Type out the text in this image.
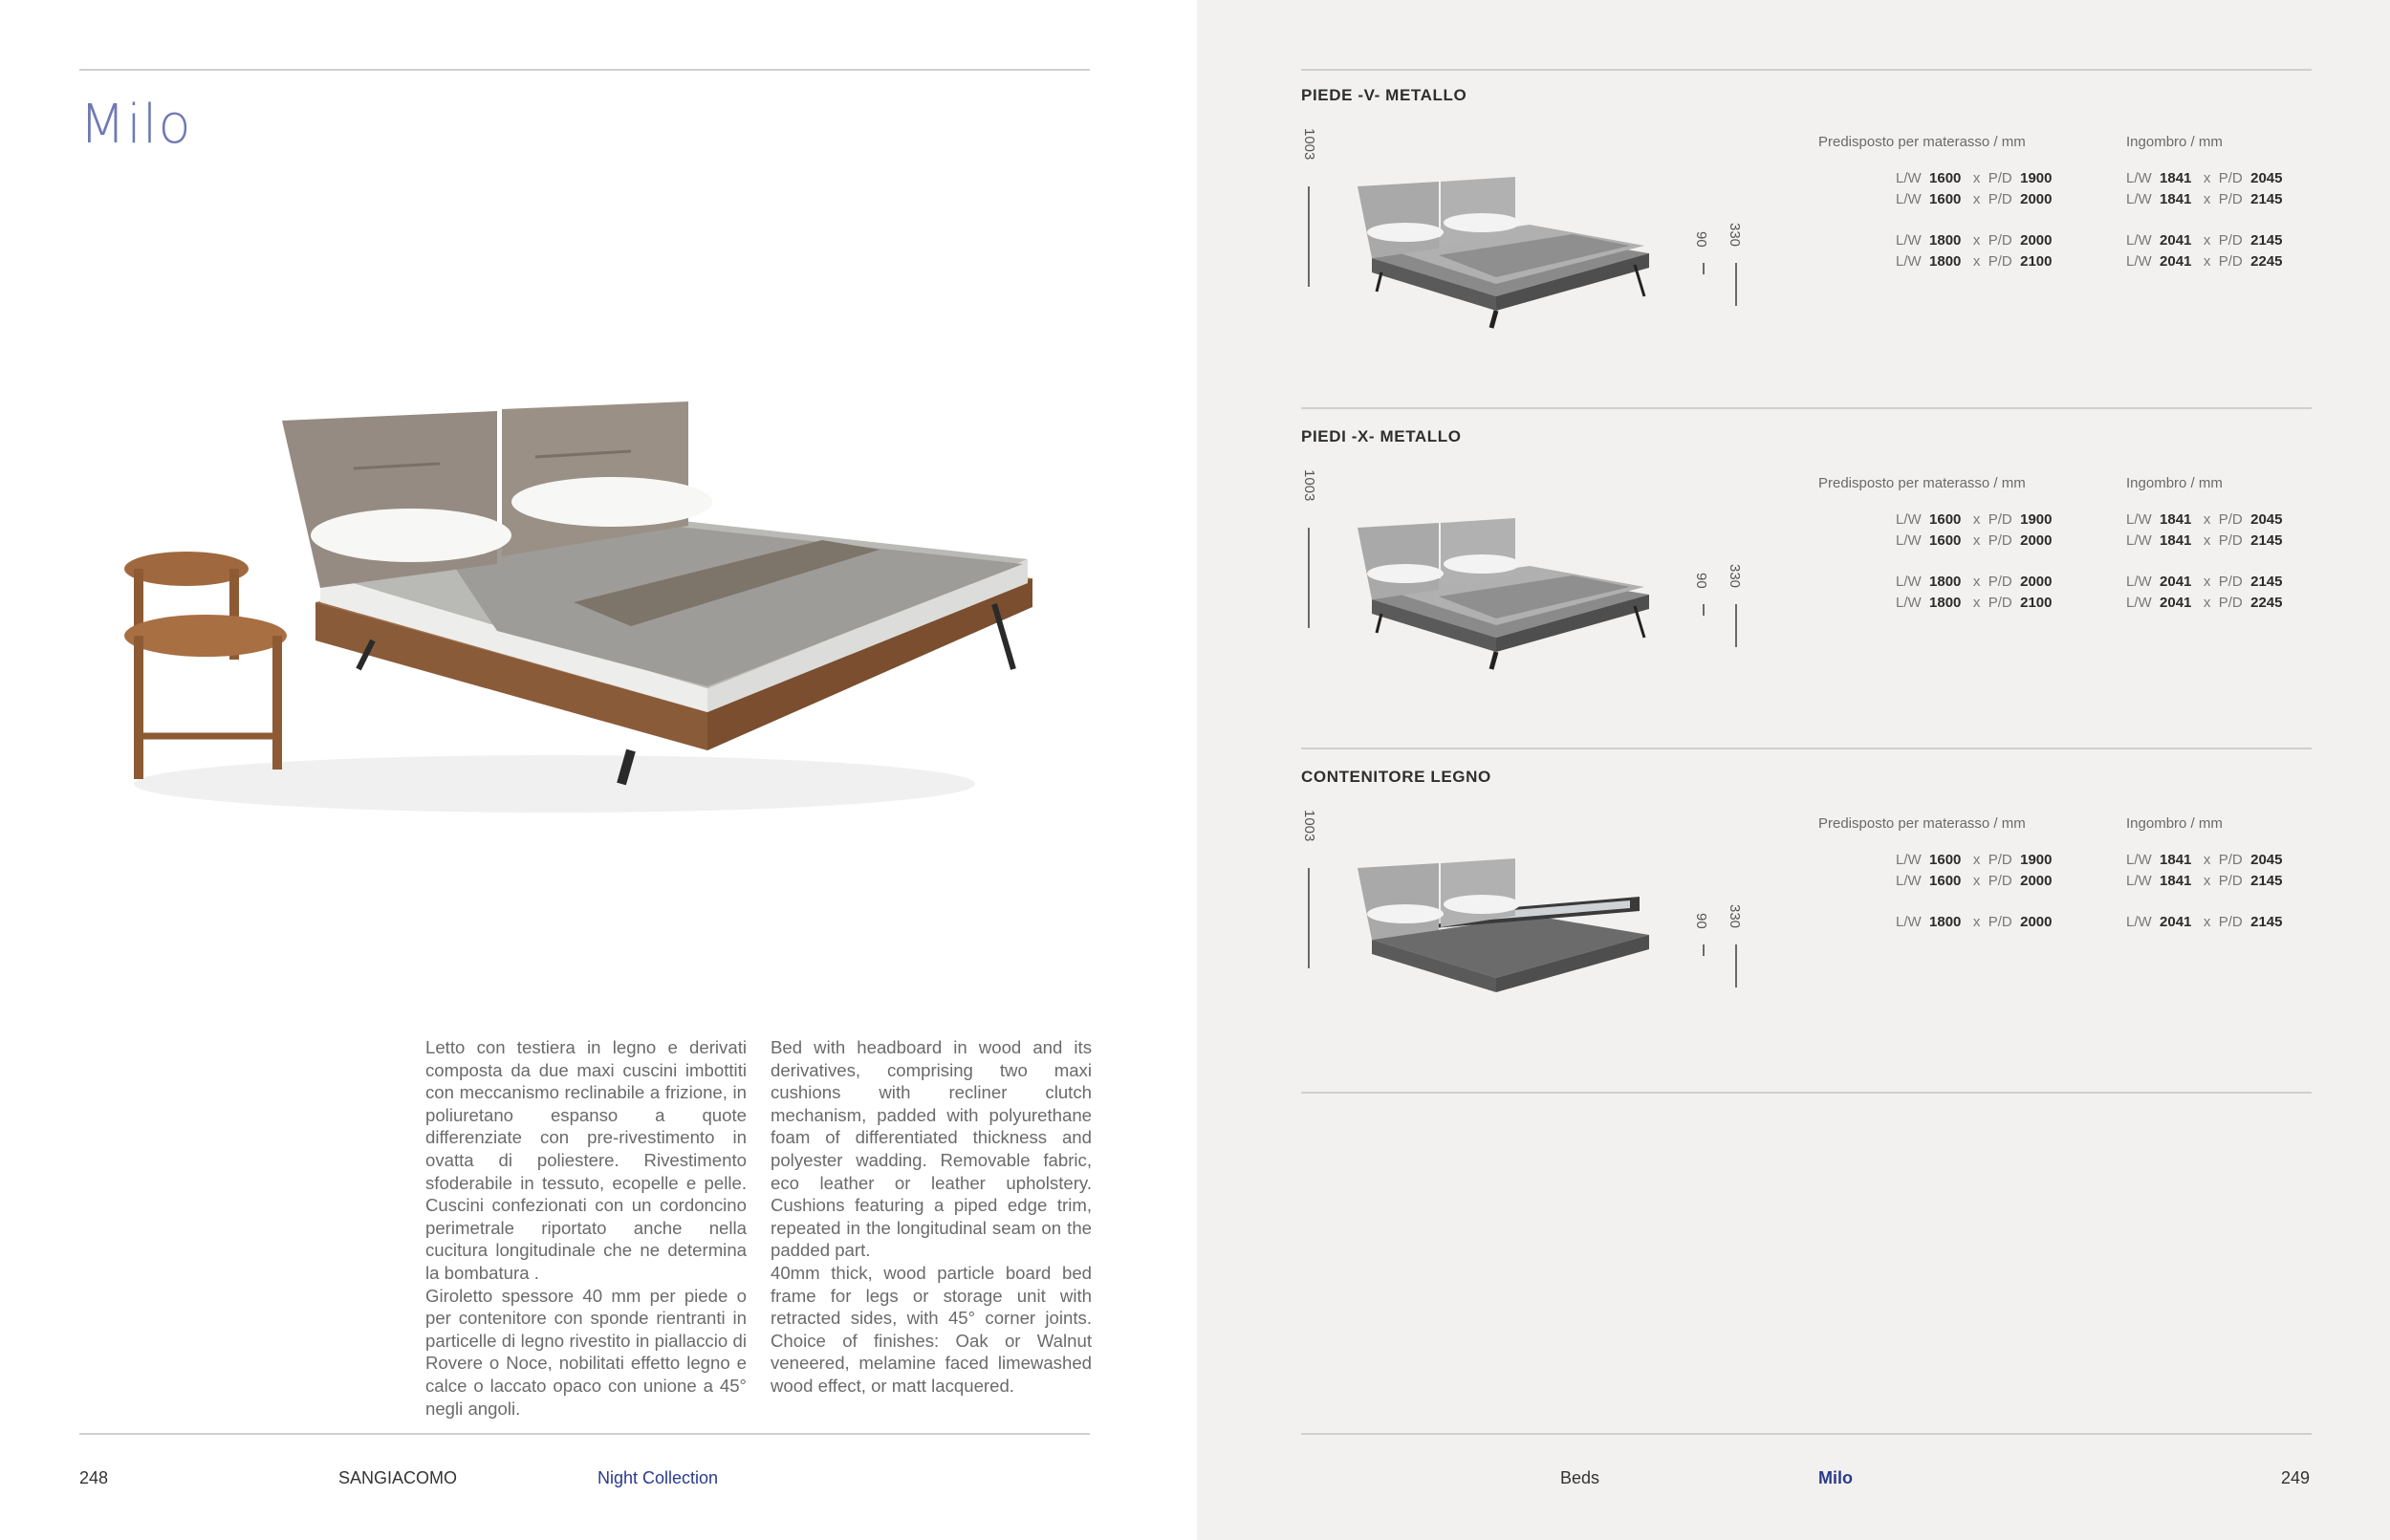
Milo

Letto con testiera in legno e derivati composta da due maxi cuscini imbottiti con meccanismo reclinabile a frizione, in poliuretano espanso a quote differenziate con pre-rivestimento in ovatta di poliestere. Rivestimento sfoderabile in tessuto, ecopelle e pelle. Cuscini confezionati con un cordoncino perimetrale riportato anche nella cucitura longitudinale che ne determina la bombatura .

Giroletto spessore 40 mm per piede o per contenitore con sponde rientranti in particelle di legno rivestito in piallaccio di Rovere o Noce, nobilitati effetto legno e calce o laccato opaco con unione a 45° negli angoli.

Bed with headboard in wood and its derivatives, comprising two maxi cushions with recliner clutch mechanism, padded with polyurethane foam of differentiated thickness and polyester wadding. Removable fabric, eco leather or leather upholstery. Cushions featuring a piped edge trim, repeated in the longitudinal seam on the padded part.

40mm thick, wood particle board bed frame for legs or storage unit with retracted sides, with 45° corner joints. Choice of finishes: Oak or Walnut veneered, melamine faced limewashed wood effect, or matt lacquered.

248	SANGIACOMO	Night Collection
PIEDE -V- METALLO
1003
90 330
Predisposto per materasso / mm	Ingombro / mm
L/W 1600 x P/D 1900	L/W 1841 x P/D 2045
L/W 1600 x P/D 2000	L/W 1841 x P/D 2145
L/W 1800 x P/D 2000	L/W 2041 x P/D 2145
L/W 1800 x P/D 2100	L/W 2041 x P/D 2245
PIEDI -X- METALLO
1003
90 330
Predisposto per materasso / mm	Ingombro / mm
L/W 1600 x P/D 1900	L/W 1841 x P/D 2045
L/W 1600 x P/D 2000	L/W 1841 x P/D 2145
L/W 1800 x P/D 2000	L/W 2041 x P/D 2145
L/W 1800 x P/D 2100	L/W 2041 x P/D 2245
CONTENITORE LEGNO
1003
90 330
Predisposto per materasso / mm	Ingombro / mm
L/W 1600 x P/D 1900	L/W 1841 x P/D 2045
L/W 1600 x P/D 2000	L/W 1841 x P/D 2145
L/W 1800 x P/D 2000	L/W 2041 x P/D 2145
Beds	Milo	249
